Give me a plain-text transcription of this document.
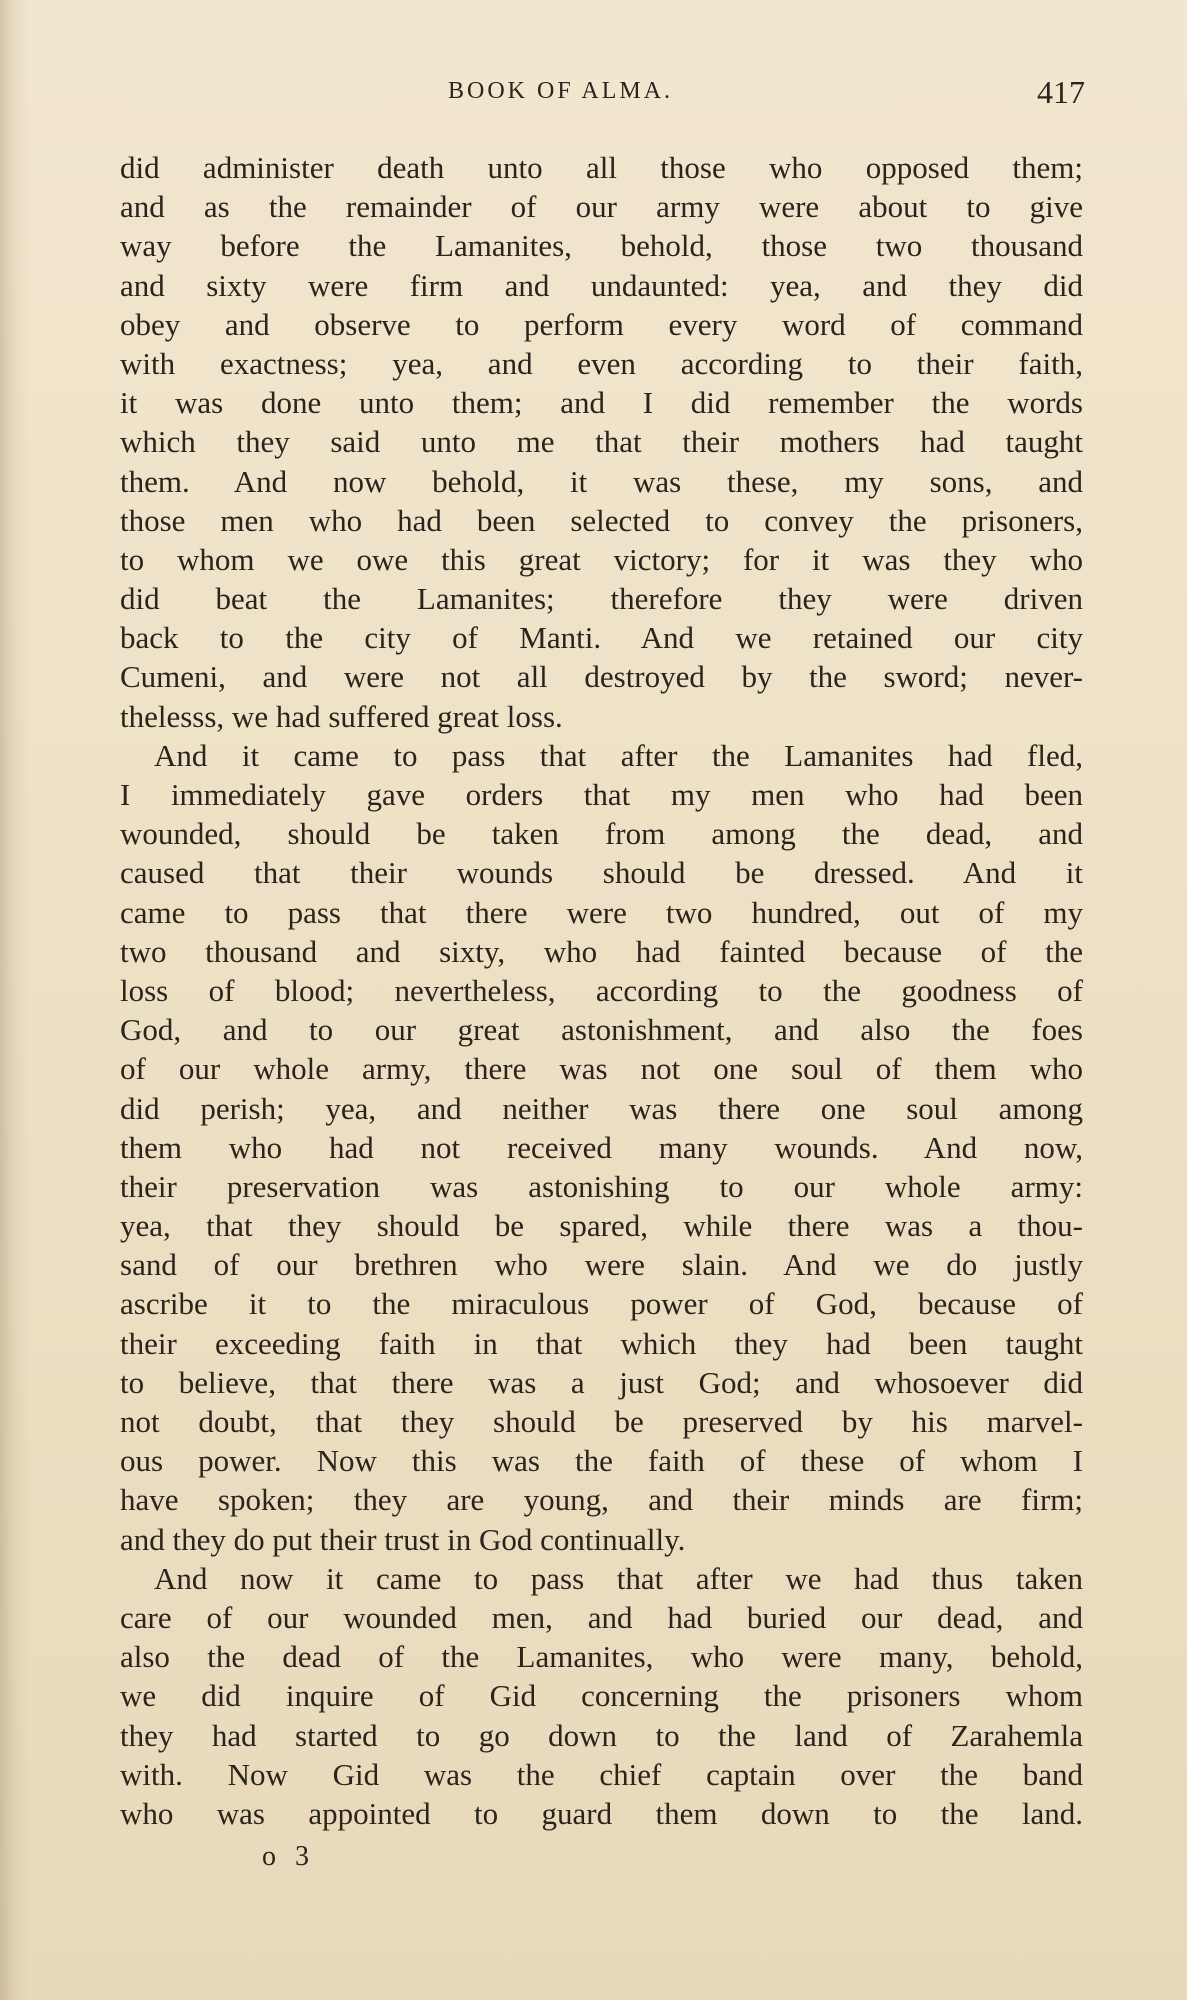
BOOK OF ALMA.	417
did administer death unto all those who opposed them;
and as the remainder of our army were about to give
way before the Lamanites, behold, those two thousand
and sixty were firm and undaunted: yea, and they did
obey and observe to perform every word of command
with exactness; yea, and even according to their faith,
it was done unto them; and I did remember the words
which they said unto me that their mothers had taught
them. And now behold, it was these, my sons, and
those men who had been selected to convey the prisoners,
to whom we owe this great victory; for it was they who
did beat the Lamanites; therefore they were driven
back to the city of Manti. And we retained our city
Cumeni, and were not all destroyed by the sword; never-
thelesss, we had suffered great loss.
And it came to pass that after the Lamanites had fled,
I immediately gave orders that my men who had been
wounded, should be taken from among the dead, and
caused that their wounds should be dressed. And it
came to pass that there were two hundred, out of my
two thousand and sixty, who had fainted because of the
loss of blood; nevertheless, according to the goodness of
God, and to our great astonishment, and also the foes
of our whole army, there was not one soul of them who
did perish; yea, and neither was there one soul among
them who had not received many wounds. And now,
their preservation was astonishing to our whole army:
yea, that they should be spared, while there was a thou-
sand of our brethren who were slain. And we do justly
ascribe it to the miraculous power of God, because of
their exceeding faith in that which they had been taught
to believe, that there was a just God; and whosoever did
not doubt, that they should be preserved by his marvel-
ous power. Now this was the faith of these of whom I
have spoken; they are young, and their minds are firm;
and they do put their trust in God continually.
And now it came to pass that after we had thus taken
care of our wounded men, and had buried our dead, and
also the dead of the Lamanites, who were many, behold,
we did inquire of Gid concerning the prisoners whom
they had started to go down to the land of Zarahemla
with. Now Gid was the chief captain over the band
who was appointed to guard them down to the land.
o 3
